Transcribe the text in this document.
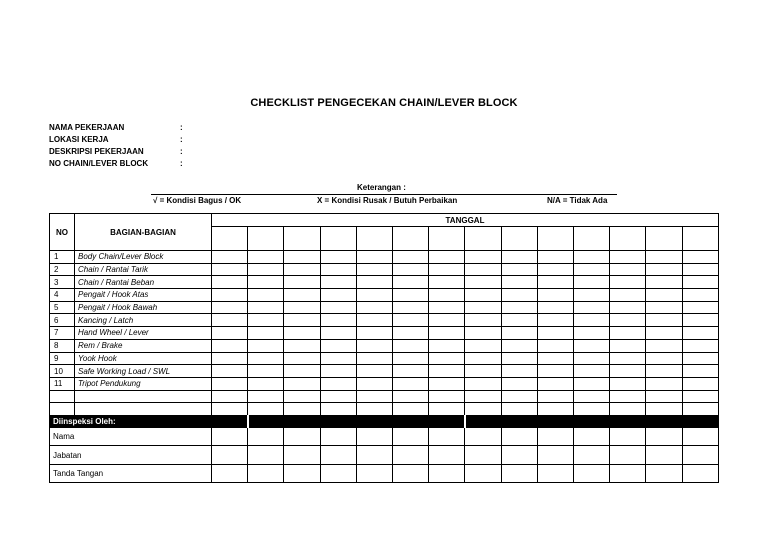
CHECKLIST PENGECEKAN CHAIN/LEVER BLOCK
NAMA PEKERJAAN	:
LOKASI KERJA	:
DESKRIPSI PEKERJAAN	:
NO CHAIN/LEVER BLOCK	:
Keterangan :
√ = Kondisi Bagus / OK	X = Kondisi Rusak / Butuh Perbaikan	N/A = Tidak Ada
NO	BAGIAN-BAGIAN	TANGGAL													

1	Body Chain/Lever Block														
2	Chain / Rantai Tarik														
3	Chain / Rantai Beban														
4	Pengait / Hook Atas														
5	Pengait / Hook Bawah														
6	Kancing / Latch														
7	Hand Wheel / Lever														
8	Rem / Brake														
9	Yook Hook														
10	Safe Working Load / SWL														
11	Tripot Pendukung														

Diinspeksi Oleh:															
Nama															
Jabatan															
Tanda Tangan															
